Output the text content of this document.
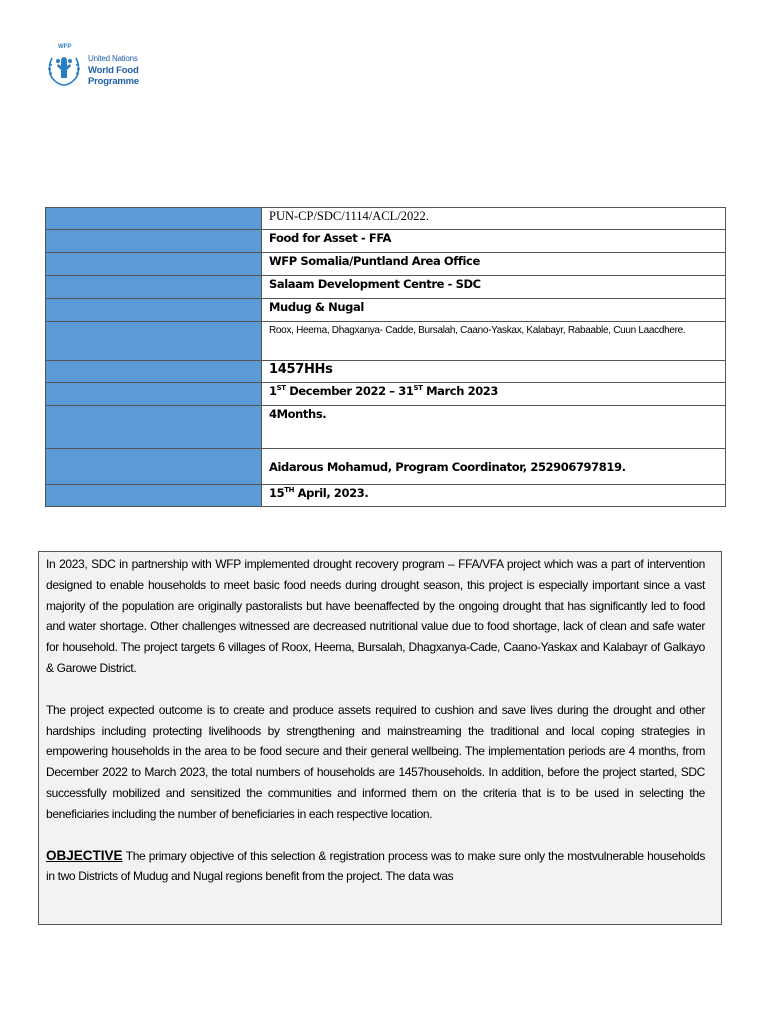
WFP
United Nations
World Food
Programme
	PUN-CP/SDC/1114/ACL/2022.
	Food for Asset - FFA
	WFP Somalia/Puntland Area Office
	Salaam Development Centre - SDC
	Mudug & Nugal
	Roox, Heema, Dhagxanya- Cadde, Bursalah, Caano-Yaskax, Kalabayr, Rabaable, Cuun Laacdhere.
	1457HHs
	1ST December 2022 – 31ST March 2023
	4Months.
	Aidarous Mohamud, Program Coordinator, 252906797819.
	15TH April, 2023.

In 2023, SDC in partnership with WFP implemented drought recovery program – FFA/VFA project which was a part of intervention designed to enable households to meet basic food needs during drought season, this project is especially important since a vast majority of the population are originally pastoralists but have beenaffected by the ongoing drought that has significantly led to food and water shortage. Other challenges witnessed are decreased nutritional value due to food shortage, lack of clean and safe water for household. The project targets 6 villages of Roox, Heema, Bursalah, Dhagxanya-Cade, Caano-Yaskax and Kalabayr of Galkayo & Garowe District.

The project expected outcome is to create and produce assets required to cushion and save lives during the drought and other hardships including protecting livelihoods by strengthening and mainstreaming the traditional and local coping strategies in empowering households in the area to be food secure and their general wellbeing. The implementation periods are 4 months, from December 2022 to March 2023, the total numbers of households are 1457households. In addition, before the project started, SDC successfully mobilized and sensitized the communities and informed them on the criteria that is to be used in selecting the beneficiaries including the number of beneficiaries in each respective location.

OBJECTIVE The primary objective of this selection & registration process was to make sure only the mostvulnerable households in two Districts of Mudug and Nugal regions benefit from the project. The data was
